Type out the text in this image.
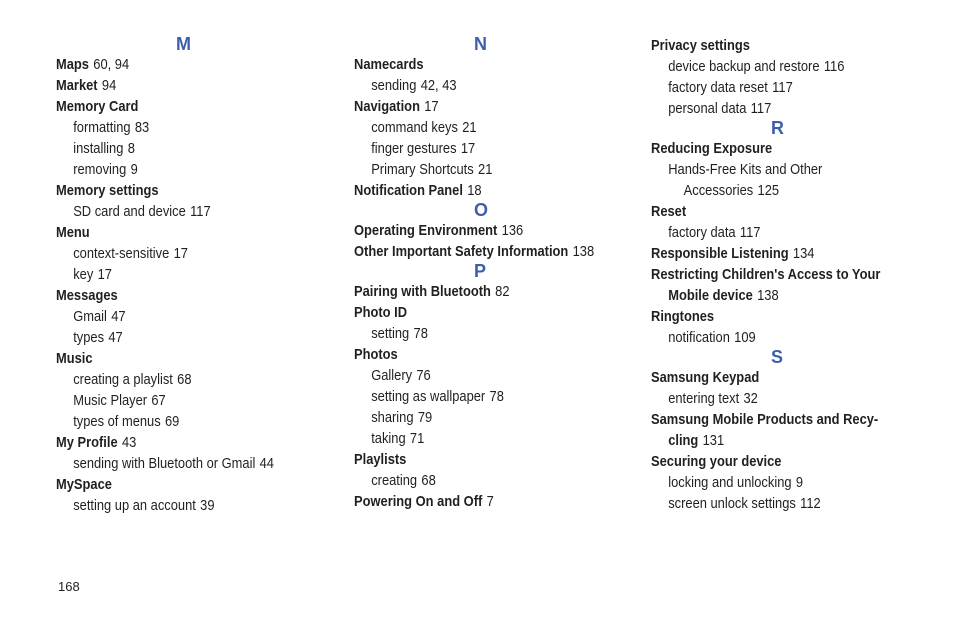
M
Maps 60, 94
Market 94
Memory Card
formatting 83
installing 8
removing 9
Memory settings
SD card and device 117
Menu
context-sensitive 17
key 17
Messages
Gmail 47
types 47
Music
creating a playlist 68
Music Player 67
types of menus 69
My Profile 43
sending with Bluetooth or Gmail 44
MySpace
setting up an account 39
N
Namecards
sending 42, 43
Navigation 17
command keys 21
finger gestures 17
Primary Shortcuts 21
Notification Panel 18
O
Operating Environment 136
Other Important Safety Information 138
P
Pairing with Bluetooth 82
Photo ID
setting 78
Photos
Gallery 76
setting as wallpaper 78
sharing 79
taking 71
Playlists
creating 68
Powering On and Off 7
Privacy settings
device backup and restore 116
factory data reset 117
personal data 117
R
Reducing Exposure
Hands-Free Kits and Other
Accessories 125
Reset
factory data 117
Responsible Listening 134
Restricting Children's Access to Your
Mobile device 138
Ringtones
notification 109
S
Samsung Keypad
entering text 32
Samsung Mobile Products and Recy-
cling 131
Securing your device
locking and unlocking 9
screen unlock settings 112
168
